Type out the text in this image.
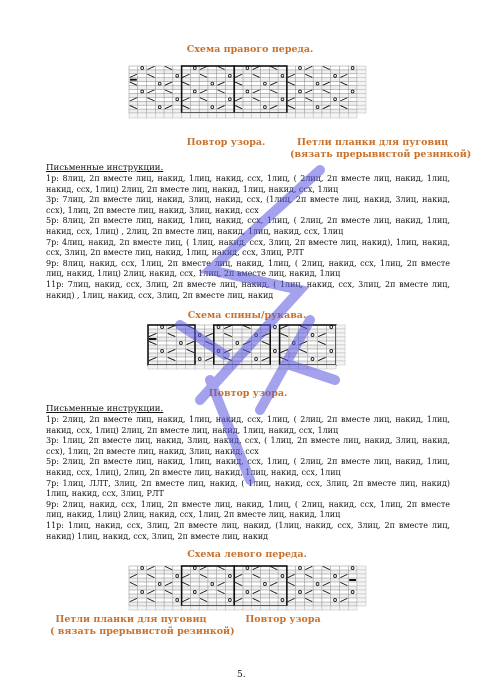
Схема правого переда.
Повтор узора.	Петли планки для пуговиц
(вязать прерывистой резинкой)
Письменные инструкции.

1р: 8лиц, 2п вместе лиц, накид, 1лиц, накид, ссх, 1лиц, ( 2лиц, 2п вместе лиц, накид, 1лиц, накид, ссх, 1лиц) 2лиц, 2п вместе лиц, накид, 1лиц, накид, ссх, 1лиц

3р: 7лиц, 2п вместе лиц, накид, 3лиц, накид, ссх, (1лиц, 2п вместе лиц, накид, 3лиц, накид, ссх), 1лиц, 2п вместе лиц, накид, 3лиц, накид, ссх

5р: 8лиц, 2п вместе лиц, накид, 1лиц, накид, ссх, 1лиц, ( 2лиц, 2п вместе лиц, накид, 1лиц, накид, ссх, 1лиц) , 2лиц, 2п вместе лиц, накид, 1лиц, накид, ссх, 1лиц

7р: 4лиц, накид, 2п вместе лиц, ( 1лиц, накид, ссх, 3лиц, 2п вместе лиц, накид), 1лиц, накид, ссх, 3лиц, 2п вместе лиц, накид, 1лиц, накид, ссх, 3лиц, РЛТ

9р: 8лиц, накид, ссх, 1лиц, 2п вместе лиц, накид, 1лиц, ( 2лиц, накид, ссх, 1лиц, 2п вместе лиц, накид, 1лиц) 2лиц, накид, ссх, 1лиц, 2п вместе лиц, накид, 1лиц

11р: 7лиц, накид, ссх, 3лиц, 2п вместе лиц, накид, ( 1лиц, накид, ссх, 3лиц, 2п вместе лиц, накид) , 1лиц, накид, ссх, 3лиц, 2п вместе лиц, накид

Схема спины/рукава.
Повтор узора.
Письменные инструкции.

1р: 2лиц, 2п вместе лиц, накид, 1лиц, накид, ссх, 1лиц, ( 2лиц, 2п вместе лиц, накид, 1лиц, накид, ссх, 1лиц) 2лиц, 2п вместе лиц, накид, 1лиц, накид, ссх, 1лиц

3р: 1лиц, 2п вместе лиц, накид, 3лиц, накид, ссх, ( 1лиц, 2п вместе лиц, накид, 3лиц, накид, ссх), 1лиц, 2п вместе лиц, накид, 3лиц, накид, ссх

5р: 2лиц, 2п вместе лиц, накид, 1лиц, накид, ссх, 1лиц, ( 2лиц, 2п вместе лиц, накид, 1лиц, накид, ссх, 1лиц), 2лиц, 2п вместе лиц, накид, 1лиц, накид, ссх, 1лиц

7р: 1лиц, ЛЛТ, 3лиц, 2п вместе лиц, накид, ( 1лиц, накид, ссх, 3лиц, 2п вместе лиц, накид) 1лиц, накид, ссх, 3лиц, РЛТ

9р: 2лиц, накид, ссх, 1лиц, 2п вместе лиц, накид, 1лиц, ( 2лиц, накид, ссх, 1лиц, 2п вместе лиц, накид, 1лиц) 2лиц, накид, ссх, 1лиц, 2п вместе лиц, накид, 1лиц

11р: 1лиц, накид, ссх, 3лиц, 2п вместе лиц, накид, (1лиц, накид, ссх, 3лиц, 2п вместе лиц, накид) 1лиц, накид, ссх, 3лиц, 2п вместе лиц, накид

Схема левого переда.
Петли планки для пуговиц	Повтор узора
( вязать прерывистой резинкой)
5.
